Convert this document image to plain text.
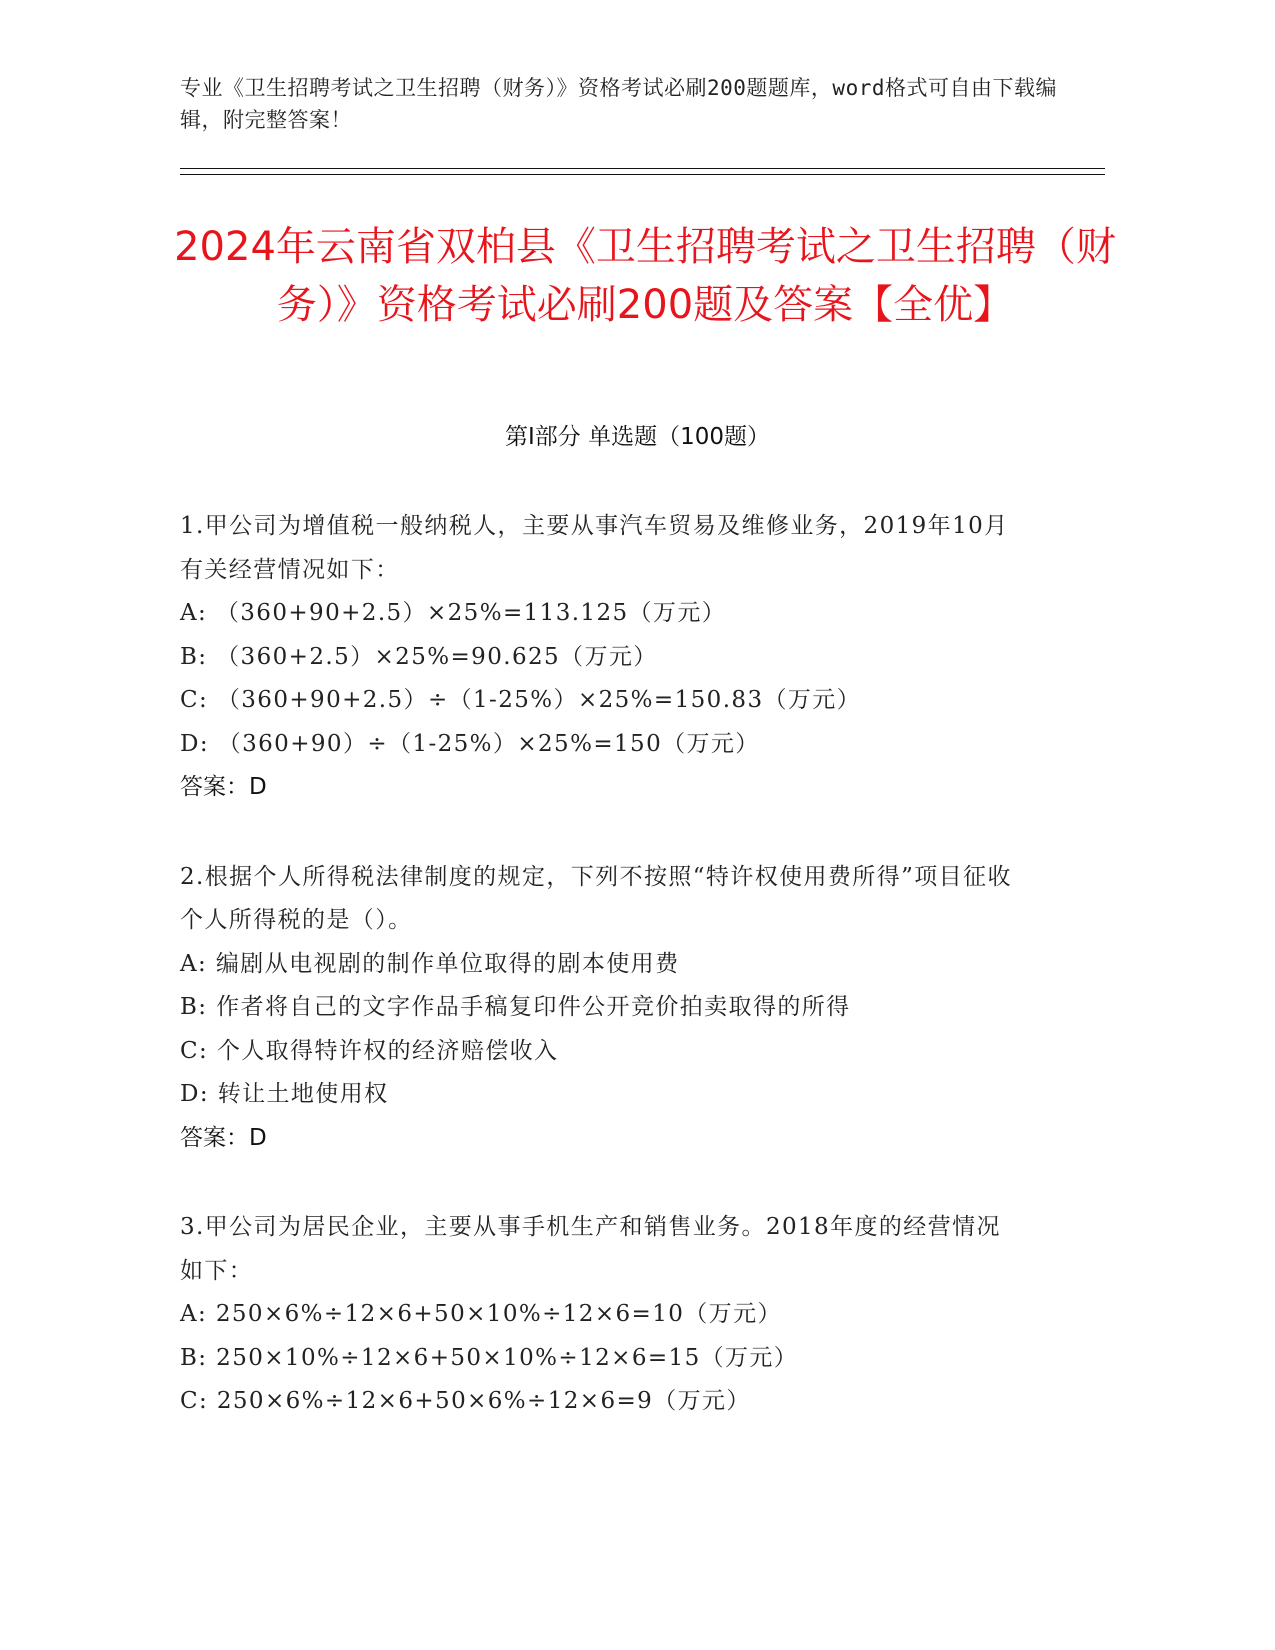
专业《卫生招聘考试之卫生招聘（财务）》资格考试必刷200题题库，word格式可自由下载编辑，附完整答案！
2024年云南省双柏县《卫生招聘考试之卫生招聘（财务）》资格考试必刷200题及答案【全优】
第I部分 单选题（100题）
1.甲公司为增值税一般纳税人，主要从事汽车贸易及维修业务，2019年10月有关经营情况如下：
A: （360+90+2.5）×25%=113.125（万元）
B: （360+2.5）×25%=90.625（万元）
C: （360+90+2.5）÷（1-25%）×25%=150.83（万元）
D: （360+90）÷（1-25%）×25%=150（万元）
答案：D
2.根据个人所得税法律制度的规定，下列不按照“特许权使用费所得”项目征收个人所得税的是（）。
A: 编剧从电视剧的制作单位取得的剧本使用费
B: 作者将自己的文字作品手稿复印件公开竞价拍卖取得的所得
C: 个人取得特许权的经济赔偿收入
D: 转让土地使用权
答案：D
3.甲公司为居民企业，主要从事手机生产和销售业务。2018年度的经营情况如下：
A: 250×6%÷12×6+50×10%÷12×6=10（万元）
B: 250×10%÷12×6+50×10%÷12×6=15（万元）
C: 250×6%÷12×6+50×6%÷12×6=9（万元）
